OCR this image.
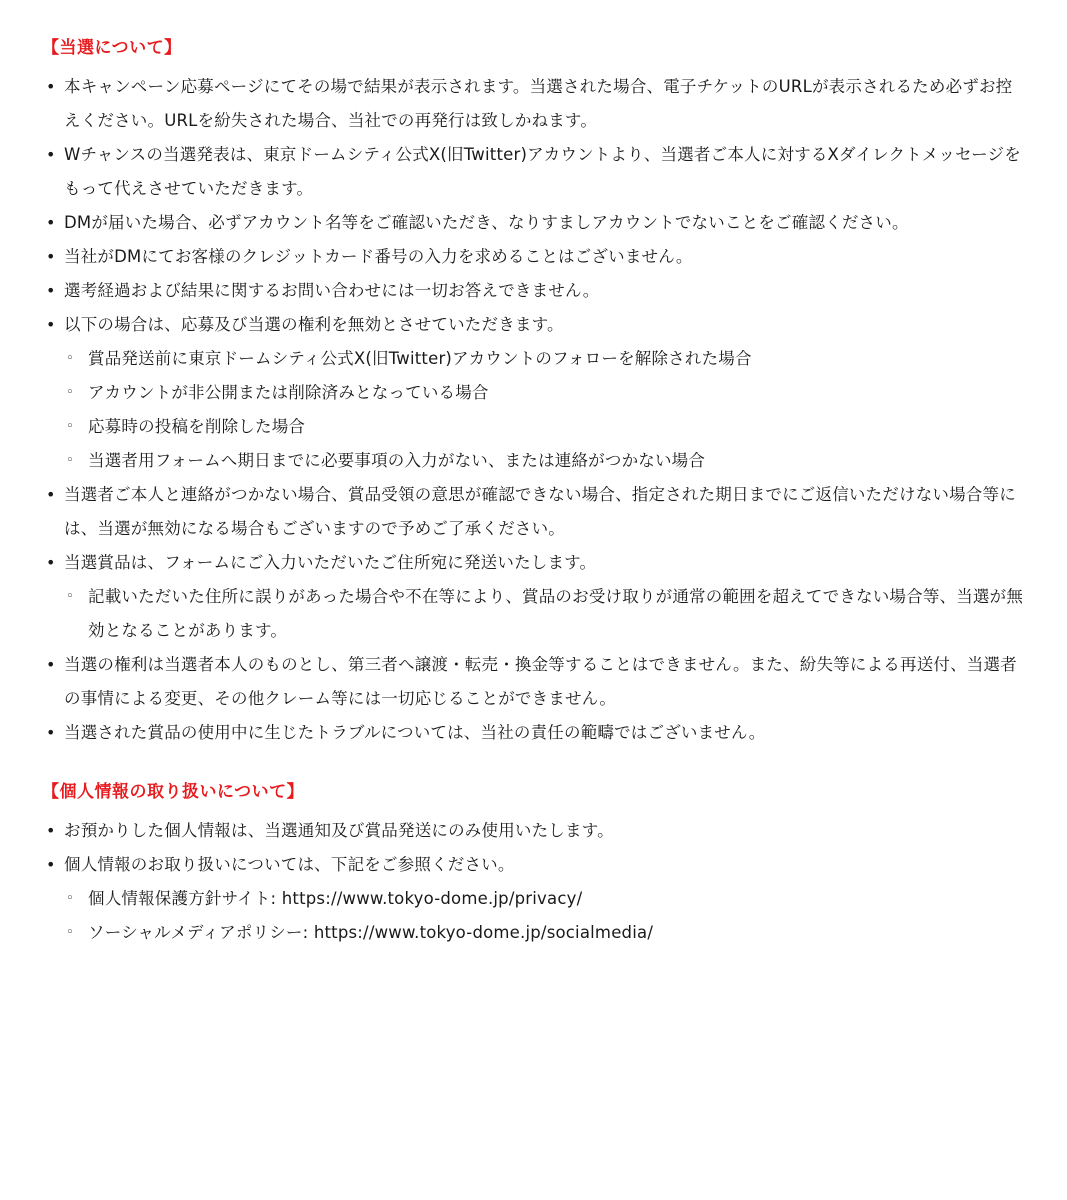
【当選について】
• 本キャンペーン応募ページにてその場で結果が表示されます。当選された場合、電子チケットのURLが表示されるため必ずお控えください。URLを紛失された場合、当社での再発行は致しかねます。
• Wチャンスの当選発表は、東京ドームシティ公式X(旧Twitter)アカウントより、当選者ご本人に対するXダイレクトメッセージをもって代えさせていただきます。
• DMが届いた場合、必ずアカウント名等をご確認いただき、なりすましアカウントでないことをご確認ください。
• 当社がDMにてお客様のクレジットカード番号の入力を求めることはございません。
• 選考経過および結果に関するお問い合わせには一切お答えできません。
• 以下の場合は、応募及び当選の権利を無効とさせていただきます。
◦ 賞品発送前に東京ドームシティ公式X(旧Twitter)アカウントのフォローを解除された場合
◦ アカウントが非公開または削除済みとなっている場合
◦ 応募時の投稿を削除した場合
◦ 当選者用フォームへ期日までに必要事項の入力がない、または連絡がつかない場合
• 当選者ご本人と連絡がつかない場合、賞品受領の意思が確認できない場合、指定された期日までにご返信いただけない場合等には、当選が無効になる場合もございますので予めご了承ください。
• 当選賞品は、フォームにご入力いただいたご住所宛に発送いたします。
◦ 記載いただいた住所に誤りがあった場合や不在等により、賞品のお受け取りが通常の範囲を超えてできない場合等、当選が無効となることがあります。
• 当選の権利は当選者本人のものとし、第三者へ譲渡・転売・換金等することはできません。また、紛失等による再送付、当選者の事情による変更、その他クレーム等には一切応じることができません。
• 当選された賞品の使用中に生じたトラブルについては、当社の責任の範疇ではございません。
【個人情報の取り扱いについて】
• お預かりした個人情報は、当選通知及び賞品発送にのみ使用いたします。
• 個人情報のお取り扱いについては、下記をご参照ください。
◦ 個人情報保護方針サイト: https://www.tokyo-dome.jp/privacy/
◦ ソーシャルメディアポリシー: https://www.tokyo-dome.jp/socialmedia/
